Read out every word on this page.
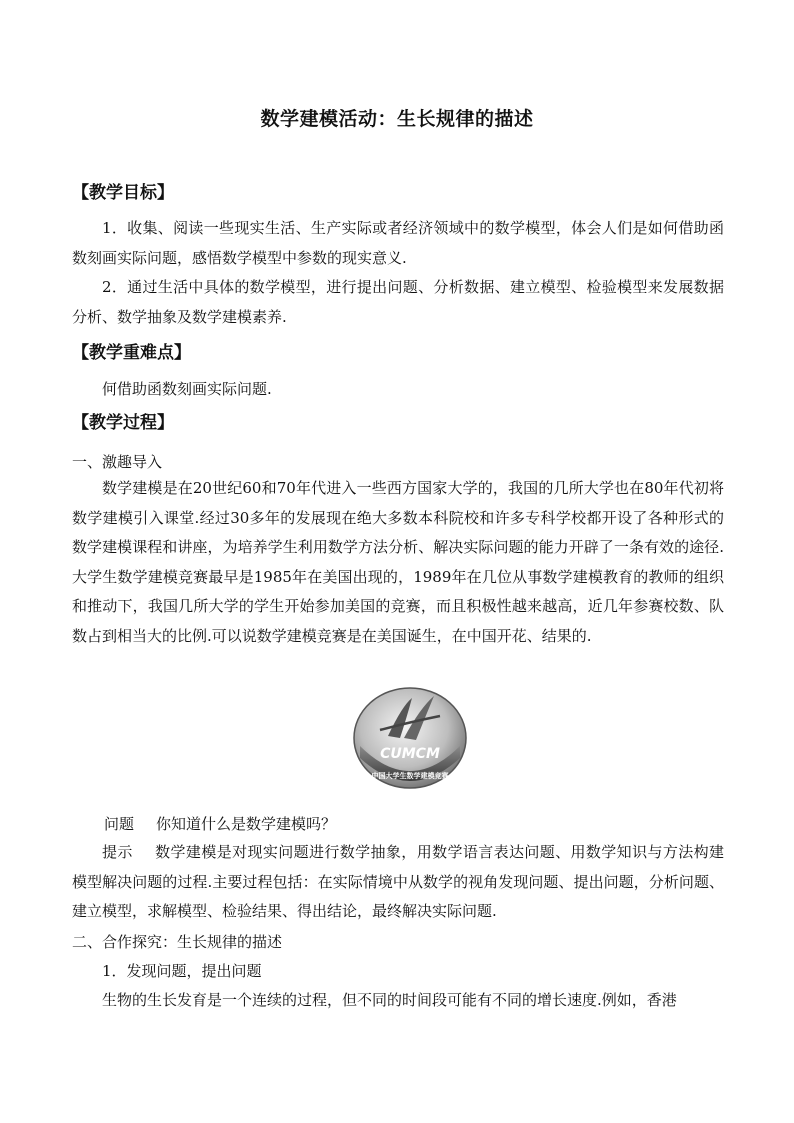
数学建模活动：生长规律的描述
【教学目标】
1．收集、阅读一些现实生活、生产实际或者经济领域中的数学模型，体会人们是如何借助函数刻画实际问题，感悟数学模型中参数的现实意义.
2．通过生活中具体的数学模型，进行提出问题、分析数据、建立模型、检验模型来发展数据分析、数学抽象及数学建模素养.
【教学重难点】
何借助函数刻画实际问题.
【教学过程】
一、激趣导入
数学建模是在20世纪60和70年代进入一些西方国家大学的，我国的几所大学也在80年代初将数学建模引入课堂.经过30多年的发展现在绝大多数本科院校和许多专科学校都开设了各种形式的数学建模课程和讲座，为培养学生利用数学方法分析、解决实际问题的能力开辟了一条有效的途径.大学生数学建模竞赛最早是1985年在美国出现的，1989年在几位从事数学建模教育的教师的组织和推动下，我国几所大学的学生开始参加美国的竞赛，而且积极性越来越高，近几年参赛校数、队数占到相当大的比例.可以说数学建模竞赛是在美国诞生，在中国开花、结果的.
CUMCM
中国大学生数学建模竞赛
问题 你知道什么是数学建模吗？
提示 数学建模是对现实问题进行数学抽象，用数学语言表达问题、用数学知识与方法构建模型解决问题的过程.主要过程包括：在实际情境中从数学的视角发现问题、提出问题，分析问题、建立模型，求解模型、检验结果、得出结论，最终解决实际问题.
二、合作探究：生长规律的描述
1．发现问题，提出问题
生物的生长发育是一个连续的过程，但不同的时间段可能有不同的增长速度.例如，香港
